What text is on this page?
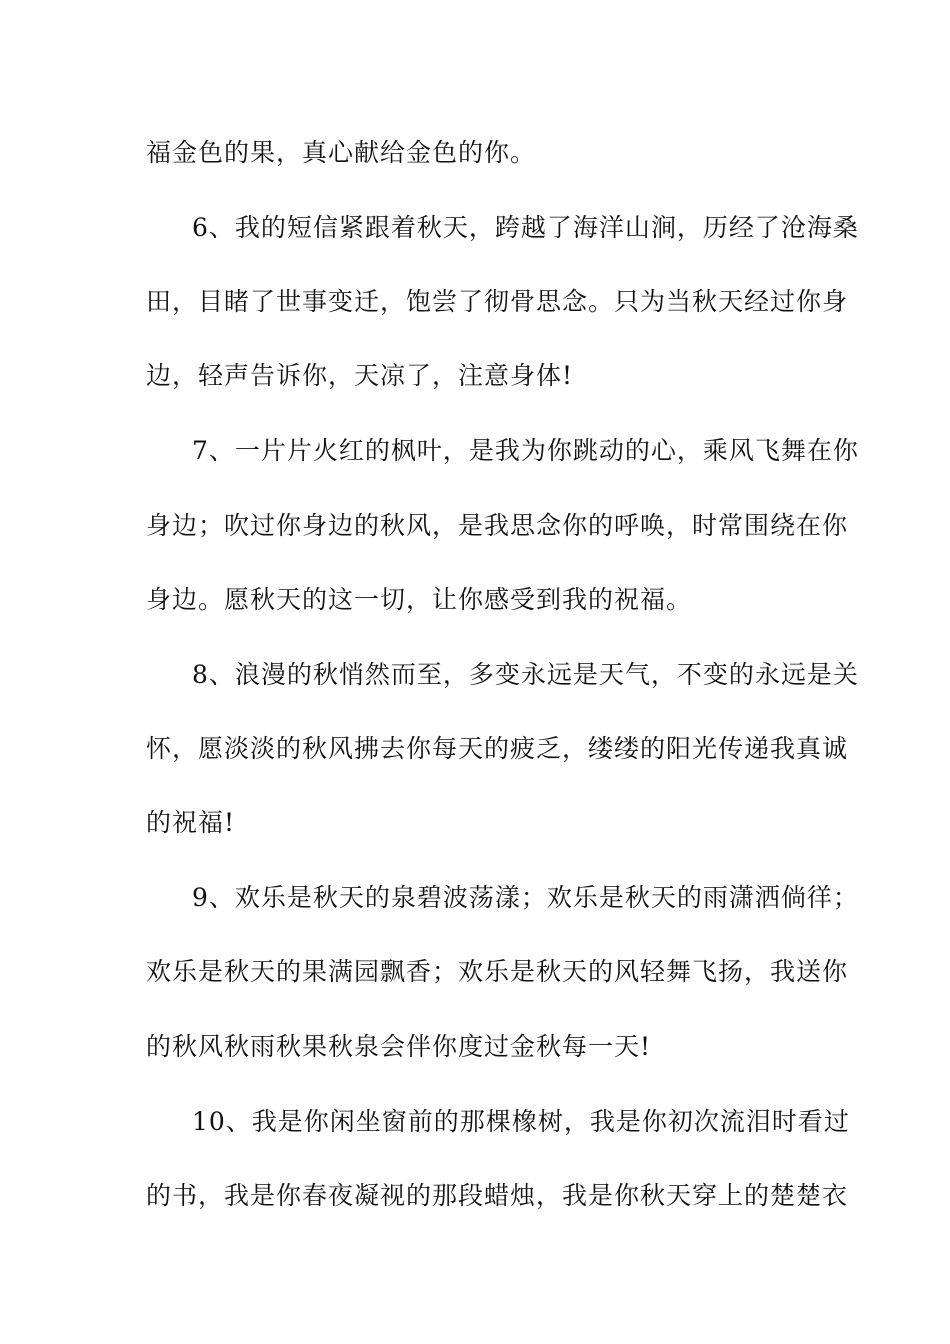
福金色的果，真心献给金色的你。
6、我的短信紧跟着秋天，跨越了海洋山涧，历经了沧海桑
田，目睹了世事变迁，饱尝了彻骨思念。只为当秋天经过你身
边，轻声告诉你，天凉了，注意身体!
7、一片片火红的枫叶，是我为你跳动的心，乘风飞舞在你
身边；吹过你身边的秋风，是我思念你的呼唤，时常围绕在你
身边。愿秋天的这一切，让你感受到我的祝福。
8、浪漫的秋悄然而至，多变永远是天气，不变的永远是关
怀，愿淡淡的秋风拂去你每天的疲乏，缕缕的阳光传递我真诚
的祝福!
9、欢乐是秋天的泉碧波荡漾；欢乐是秋天的雨潇洒倘徉；
欢乐是秋天的果满园飘香；欢乐是秋天的风轻舞飞扬，我送你
的秋风秋雨秋果秋泉会伴你度过金秋每一天!
10、我是你闲坐窗前的那棵橡树，我是你初次流泪时看过
的书，我是你春夜凝视的那段蜡烛，我是你秋天穿上的楚楚衣
